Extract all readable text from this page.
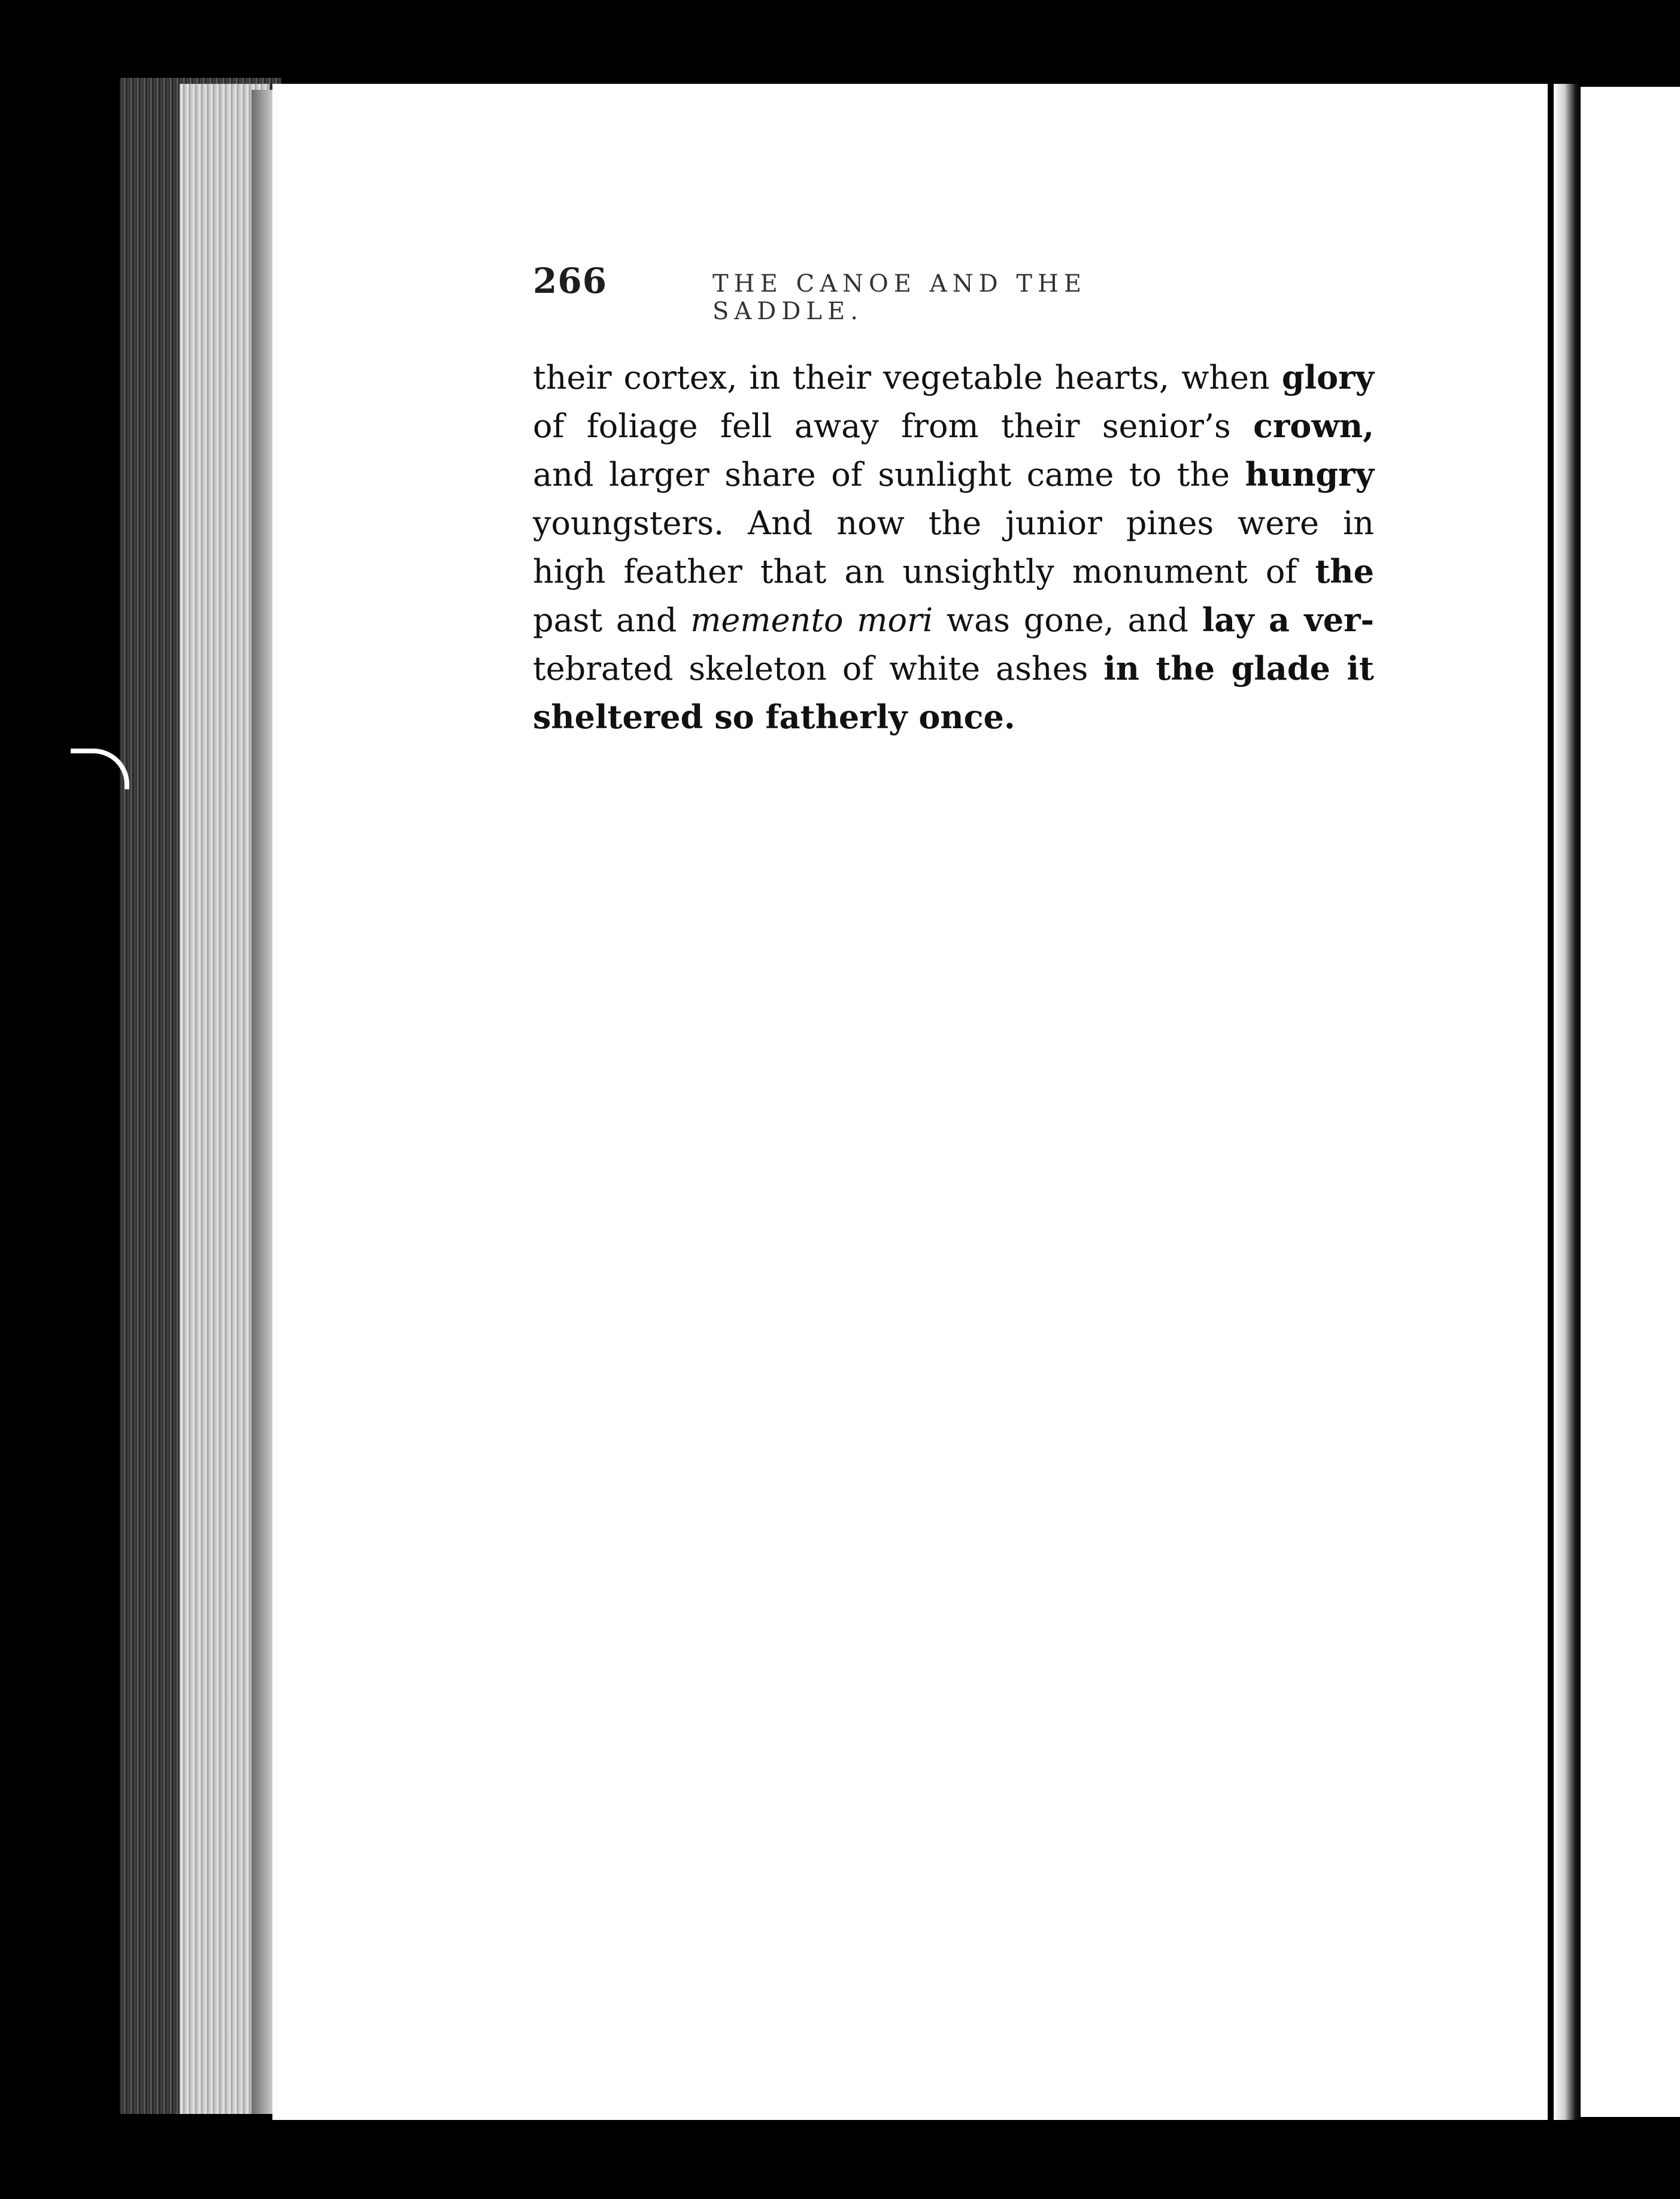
266	THE CANOE AND THE SADDLE.
their cortex, in their vegetable hearts, when glory
of foliage fell away from their senior’s crown,
and larger share of sunlight came to the hungry
youngsters. And now the junior pines were in
high feather that an unsightly monument of the
past and memento mori was gone, and lay a ver-
tebrated skeleton of white ashes in the glade it
sheltered so fatherly once.
